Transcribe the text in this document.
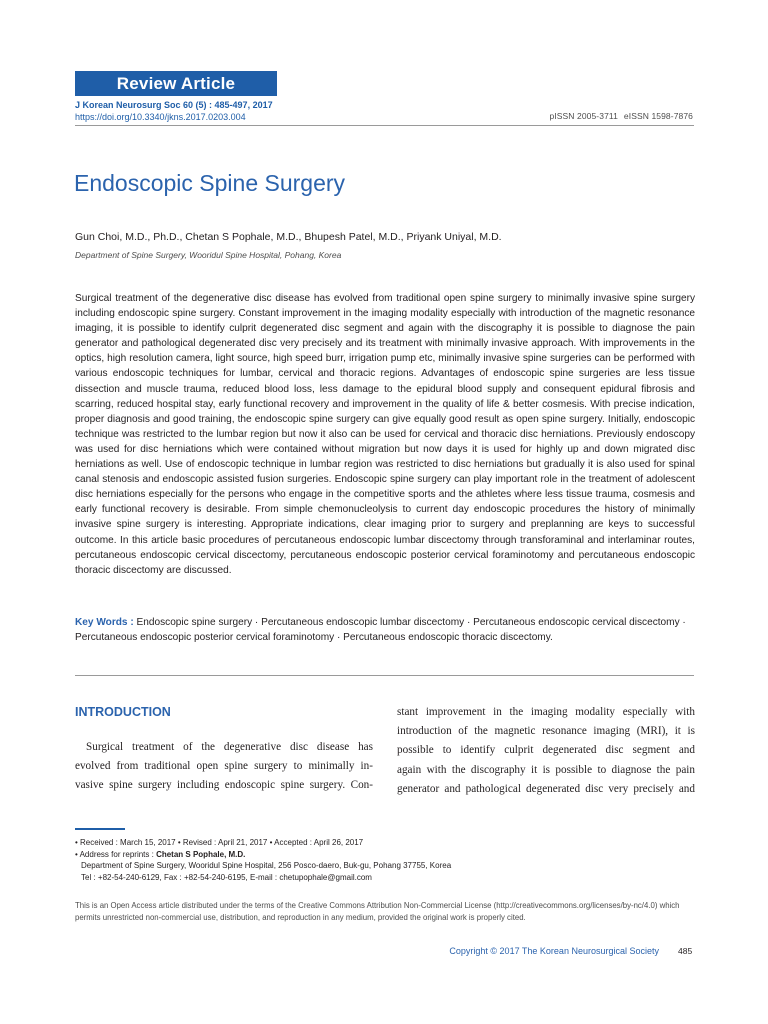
Review Article
J Korean Neurosurg Soc 60 (5) : 485-497, 2017
https://doi.org/10.3340/jkns.2017.0203.004	pISSN 2005-3711 eISSN 1598-7876
Endoscopic Spine Surgery
Gun Choi, M.D., Ph.D., Chetan S Pophale, M.D., Bhupesh Patel, M.D., Priyank Uniyal, M.D.
Department of Spine Surgery, Wooridul Spine Hospital, Pohang, Korea

Surgical treatment of the degenerative disc disease has evolved from traditional open spine surgery to minimally invasive spine surgery including endoscopic spine surgery. Constant improvement in the imaging modality especially with introduction of the magnetic resonance imaging, it is possible to identify culprit degenerated disc segment and again with the discography it is possible to diagnose the pain generator and pathological degenerated disc very precisely and its treatment with minimally invasive approach. With improvements in the optics, high resolution camera, light source, high speed burr, irrigation pump etc, minimally invasive spine surgeries can be performed with various endoscopic techniques for lumbar, cervical and thoracic regions. Advantages of endoscopic spine surgeries are less tissue dissection and muscle trauma, reduced blood loss, less damage to the epidural blood supply and consequent epidural fibrosis and scarring, reduced hospital stay, early functional recovery and improvement in the quality of life & better cosmesis. With precise indication, proper diagnosis and good training, the endoscopic spine surgery can give equally good result as open spine surgery. Initially, endoscopic technique was restricted to the lumbar region but now it also can be used for cervical and thoracic disc herniations. Previously endoscopy was used for disc herniations which were contained without migration but now days it is used for highly up and down migrated disc herniations as well. Use of endoscopic technique in lumbar region was restricted to disc herniations but gradually it is also used for spinal canal stenosis and endoscopic assisted fusion surgeries. Endoscopic spine surgery can play important role in the treatment of adolescent disc herniations especially for the persons who engage in the competitive sports and the athletes where less tissue trauma, cosmesis and early functional recovery is desirable. From simple chemonucleolysis to current day endoscopic procedures the history of minimally invasive spine surgery is interesting. Appropriate indications, clear imaging prior to surgery and preplanning are keys to successful outcome. In this article basic procedures of percutaneous endoscopic lumbar discectomy through transforaminal and interlaminar routes, percutaneous endoscopic cervical discectomy, percutaneous endoscopic posterior cervical foraminotomy and percutaneous endoscopic thoracic discectomy are discussed.

Key Words : Endoscopic spine surgery · Percutaneous endoscopic lumbar discectomy · Percutaneous endoscopic cervical discectomy · Percutaneous endoscopic posterior cervical foraminotomy · Percutaneous endoscopic thoracic discectomy.

INTRODUCTION
Surgical treatment of the degenerative disc disease has
evolved from traditional open spine surgery to minimally in-
vasive spine surgery including endoscopic spine surgery. Con-
stant improvement in the imaging modality especially with
introduction of the magnetic resonance imaging (MRI), it is
possible to identify culprit degenerated disc segment and
again with the discography it is possible to diagnose the pain
generator and pathological degenerated disc very precisely and
• Received : March 15, 2017 • Revised : April 21, 2017 • Accepted : April 26, 2017
• Address for reprints : Chetan S Pophale, M.D.
Department of Spine Surgery, Wooridul Spine Hospital, 256 Posco-daero, Buk-gu, Pohang 37755, Korea
Tel : +82-54-240-6129, Fax : +82-54-240-6195, E-mail : chetupophale@gmail.com

This is an Open Access article distributed under the terms of the Creative Commons Attribution Non-Commercial License (http://creativecommons.org/licenses/by-nc/4.0) which permits unrestricted non-commercial use, distribution, and reproduction in any medium, provided the original work is properly cited.

Copyright © 2017 The Korean Neurosurgical Society 485
